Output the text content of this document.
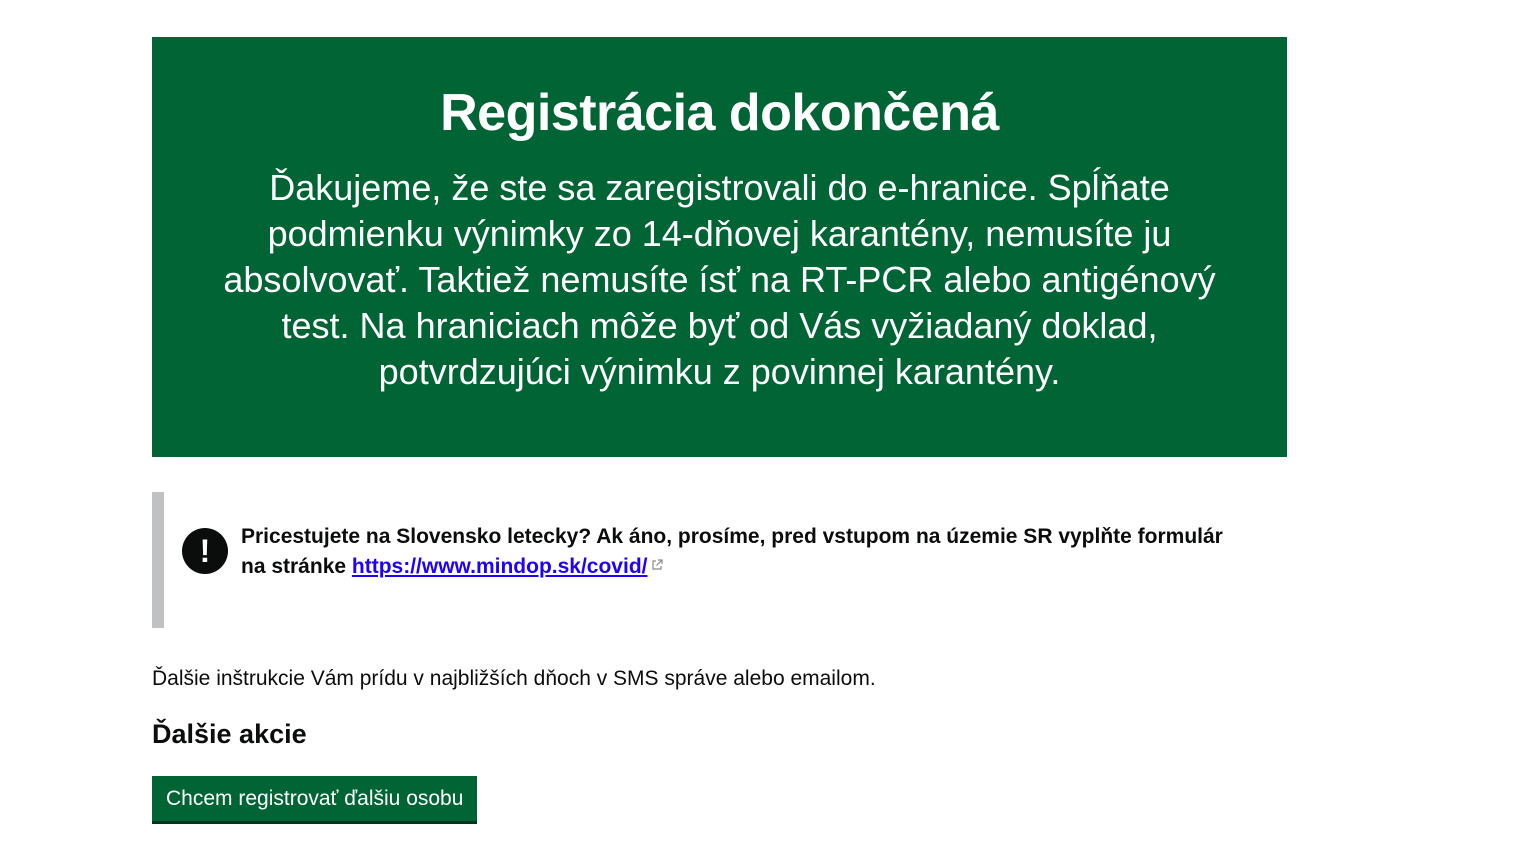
Registrácia dokončená
Ďakujeme, že ste sa zaregistrovali do e-hranice. Spĺňate podmienku výnimky zo 14-dňovej karantény, nemusíte ju absolvovať. Taktiež nemusíte ísť na RT-PCR alebo antigénový test. Na hraniciach môže byť od Vás vyžiadaný doklad, potvrdzujúci výnimku z povinnej karantény.
!	Pricestujete na Slovensko letecky? Ak áno, prosíme, pred vstupom na územie SR vyplňte formulár na stránke https://www.mindop.sk/covid/

Ďalšie inštrukcie Vám prídu v najbližších dňoch v SMS správe alebo emailom.

Ďalšie akcie
Chcem registrovať ďalšiu osobu
